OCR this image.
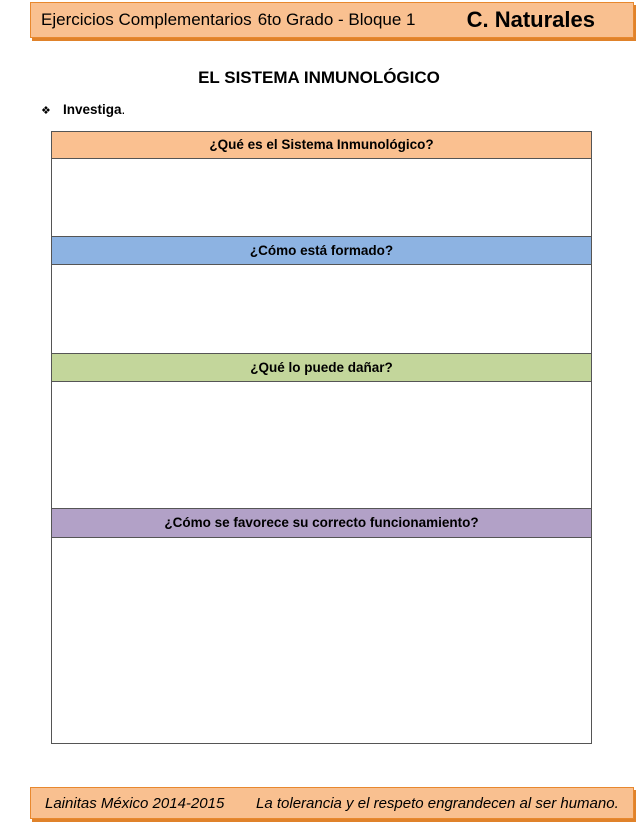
Ejercicios Complementarios 6to Grado - Bloque 1 C. Naturales
EL SISTEMA INMUNOLÓGICO
❖ Investiga.
¿Qué es el Sistema Inmunológico?
¿Cómo está formado?
¿Qué lo puede dañar?
¿Cómo se favorece su correcto funcionamiento?
Lainitas México 2014-2015 La tolerancia y el respeto engrandecen al ser humano.
